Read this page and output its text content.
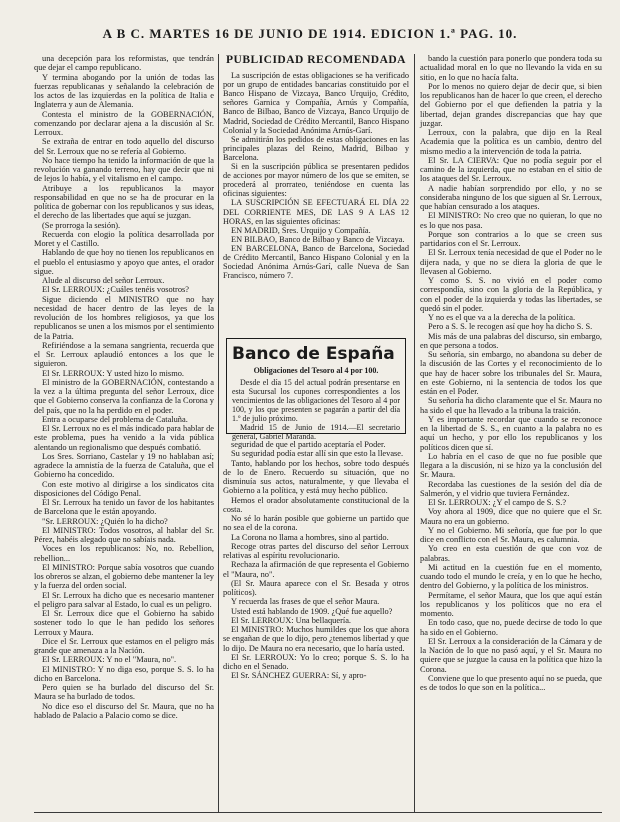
A B C. MARTES 16 DE JUNIO DE 1914. EDICION 1.ª PAG. 10.

una decepción para los reformistas, que tendrán que dejar el campo republicano.

Y termina abogando por la unión de todas las fuerzas republicanas y señalando la celebración de los actos de las izquierdas en la política de Italia e Inglaterra y aun de Alemania.

Contesta el ministro de la GOBERNACIÓN, comenzando por declarar ajena a la discusión al Sr. Lerroux.

Se extraña de entrar en todo aquello del discurso del Sr. Lerroux que no se refería al Gobierno.

No hace tiempo ha tenido la información de que la revolución va ganando terreno, hay que decir que ni de lejos lo había, y el vitalismo en el campo.

Atribuye a los republicanos la mayor responsabilidad en que no se ha de procurar en la política de gobernar con los republicanos y sus ideas, el derecho de las libertades que aquí se juzgan.

(Se prorroga la sesión).

Recuerda con elogio la política desarrollada por Moret y el Castillo.

Hablando de que hoy no tienen los republicanos en el pueblo el entusiasmo y apoyo que antes, el orador sigue.

Alude al discurso del señor Lerroux.

El Sr. LERROUX: ¿Cuáles tenéis vosotros?

Sigue diciendo el MINISTRO que no hay necesidad de hacer dentro de las leyes de la revolución de los hombres religiosos, ya que los republicanos se unen a los mismos por el sentimiento de la Patria.

Refiriéndose a la semana sangrienta, recuerda que el Sr. Lerroux aplaudió entonces a los que le siguieron.

El Sr. LERROUX: Y usted hizo lo mismo.

El ministro de la GOBERNACIÓN, contestando a la vez a la última pregunta del señor Lerroux, dice que el Gobierno conserva la confianza de la Corona y del país, que no la ha perdido en el poder.

Entra a ocuparse del problema de Cataluña.

El Sr. Lerroux no es el más indicado para hablar de este problema, pues ha venido a la vida pública alentando un regionalismo que después combatió.

Los Sres. Sorriano, Castelar y 19 no hablaban así; agradece la amnistía de la fuerza de Cataluña, que el Gobierno ha concedido.

Con este motivo al dirigirse a los sindicatos cita disposiciones del Código Penal.

El Sr. Lerroux ha tenido un favor de los habitantes de Barcelona que le están apoyando.

"Sr. LERROUX: ¿Quién lo ha dicho?

El MINISTRO: Todos vosotros, al hablar del Sr. Pérez, habéis alegado que no sabíais nada.

Voces en los republicanos: No, no. Rebellion, rebellion...

El MINISTRO: Porque sabía vosotros que cuando los obreros se alzan, el gobierno debe mantener la ley y la fuerza del orden social.

El Sr. Lerroux ha dicho que es necesario mantener el peligro para salvar al Estado, lo cual es un peligro.

El Sr. Lerroux dice que el Gobierno ha sabido sostener todo lo que le han pedido los señores Lerroux y Maura.

Dice el Sr. Lerroux que estamos en el peligro más grande que amenaza a la Nación.

El Sr. LERROUX: Y no el "Maura, no".

El MINISTRO: Y no diga eso, porque S. S. lo ha dicho en Barcelona.

Pero quien se ha burlado del discurso del Sr. Maura se ha burlado de todos.

No dice eso el discurso del Sr. Maura, que no ha hablado de Palacio a Palacio como se dice.

PUBLICIDAD RECOMENDADA

La suscripción de estas obligaciones se ha verificado por un grupo de entidades bancarias constituido por el Banco Hispano de Vizcaya, Banco Urquijo, Crédito, señores Garnica y Compañía, Arnús y Compañía, Banco de Bilbao, Banco de Vizcaya, Banco Urquijo de Madrid, Sociedad de Crédito Mercantil, Banco Hispano Colonial y la Sociedad Anónima Arnús-Garí.

Se admitirán los pedidos de estas obligaciones en las principales plazas del Reino, Madrid, Bilbao y Barcelona.

Si en la suscripción pública se presentaren pedidos de acciones por mayor número de los que se emiten, se procederá al prorrateo, teniéndose en cuenta las oficinas siguientes:

LA SUSCRIPCIÓN SE EFECTUARÁ EL DÍA 22 DEL CORRIENTE MES, DE LAS 9 A LAS 12 HORAS, en las siguientes oficinas:

EN MADRID, Sres. Urquijo y Compañía.

EN BILBAO, Banco de Bilbao y Banco de Vizcaya.

EN BARCELONA, Banco de Barcelona, Sociedad de Crédito Mercantil, Banco Hispano Colonial y en la Sociedad Anónima Arnús-Garí, calle Nueva de San Francisco, número 7.

Banco de España
Obligaciones del Tesoro al 4 por 100.

Desde el día 15 del actual podrán presentarse en esta Sucursal los cupones correspondientes a los vencimientos de las obligaciones del Tesoro al 4 por 100, y los que presenten se pagarán a partir del día 1.º de julio próximo.

Madrid 15 de Junio de 1914.—El secretario general, Gabriel Maranda.

seguridad de que el partido aceptaría el Poder.

Su seguridad podía estar allí sin que esto la llevase.

Tanto, hablando por los hechos, sobre todo después de lo de Enero. Recuerdo su situación, que no disminuía sus actos, naturalmente, y que llevaba el Gobierno a la política, y está muy hecho público.

Hemos el orador absolutamente constitucional de la costa.

No sé lo harán posible que gobierne un partido que no sea el de la corona.

La Corona no llama a hombres, sino al partido.

Recoge otras partes del discurso del señor Lerroux relativas al espíritu revolucionario.

Rechaza la afirmación de que representa el Gobierno el "Maura, no".

(El Sr. Maura aparece con el Sr. Besada y otros políticos).

Y recuerda las frases de que el señor Maura.

Usted está hablando de 1909. ¿Qué fue aquello?

El Sr. LERROUX: Una bellaquería.

El MINISTRO: Muchos humildes que los que ahora se engañan de que lo dijo, pero ¿tenemos libertad y que lo dijo. De Maura no era necesario, que lo haría usted.

El Sr. LERROUX: Yo lo creo; porque S. S. lo ha dicho en el Senado.

El Sr. SÁNCHEZ GUERRA: Sí, y apro-

bando la cuestión para ponerlo que pondera toda su actualidad moral en lo que no llevando la vida en su sitio, en lo que no hacía falta.

Por lo menos no quiero dejar de decir que, si bien los republicanos han de hacer lo que creen, el derecho del Gobierno por el que defienden la patria y la libertad, dejan grandes discrepancias que hay que juzgar.

Lerroux, con la palabra, que dijo en la Real Academia que la política es un cambio, dentro del mismo medio a la intervención de toda la patria.

El Sr. LA CIERVA: Que no podía seguir por el camino de la izquierda, que no estaban en el sitio de los ataques del Sr. Lerroux.

A nadie habían sorprendido por ello, y no se consideraba ninguno de los que siguen al Sr. Lerroux, que habían censurado a los ataques.

El MINISTRO: No creo que no quieran, lo que no es lo que nos pasa.

Porque son contrarios a lo que se creen sus partidarios con el Sr. Lerroux.

El Sr. Lerroux tenía necesidad de que el Poder no le dijera nada, y que no se diera la gloria de que le llevasen al Gobierno.

Y como S. S. no vivió en el poder como correspondía, sino con la gloria de la República, y con el poder de la izquierda y todas las libertades, se quedó sin el poder.

Y no es el que va a la derecha de la política.

Pero a S. S. le recogen así que hoy ha dicho S. S.

Mis más de una palabras del discurso, sin embargo, en que persona a todos.

Su señoría, sin embargo, no abandona su deber de la discusión de las Cortes y el reconocimiento de lo que hay de hacer sobre los tribunales del Sr. Maura, en este Gobierno, ni la sentencia de todos los que están en el Poder.

Su señoría ha dicho claramente que el Sr. Maura no ha sido el que ha llevado a la tribuna la traición.

Y es importante recordar que cuando se reconoce en la libertad de S. S., en cuanto a la palabra no es aquí un hecho, y por ello los republicanos y los políticos dicen que sí.

Lo habría en el caso de que no fue posible que llegara a la discusión, ni se hizo ya la conclusión del Sr. Maura.

Recordaba las cuestiones de la sesión del día de Salmerón, y el vidrio que tuviera Fernández.

El Sr. LERROUX: ¿Y el campo de S. S.?

Voy ahora al 1909, dice que no quiere que el Sr. Maura no era un gobierno.

Y no el Gobierno. Mi señoría, que fue por lo que dice en conflicto con el Sr. Maura, es calumnia.

Yo creo en esta cuestión de que con voz de palabras.

Mi actitud en la cuestión fue en el momento, cuando todo el mundo le creía, y en lo que he hecho, dentro del Gobierno, y la política de los ministros.

Permítame, el señor Maura, que los que aquí están los republicanos y los políticos que no era el momento.

En todo caso, que no, puede decirse de todo lo que ha sido en el Gobierno.

El Sr. Lerroux a la consideración de la Cámara y de la Nación de lo que no pasó aquí, y el Sr. Maura no quiere que se juzgue la causa en la política que hizo la Corona.

Conviene que lo que presento aquí no se pueda, que es de todos lo que son en la política...
